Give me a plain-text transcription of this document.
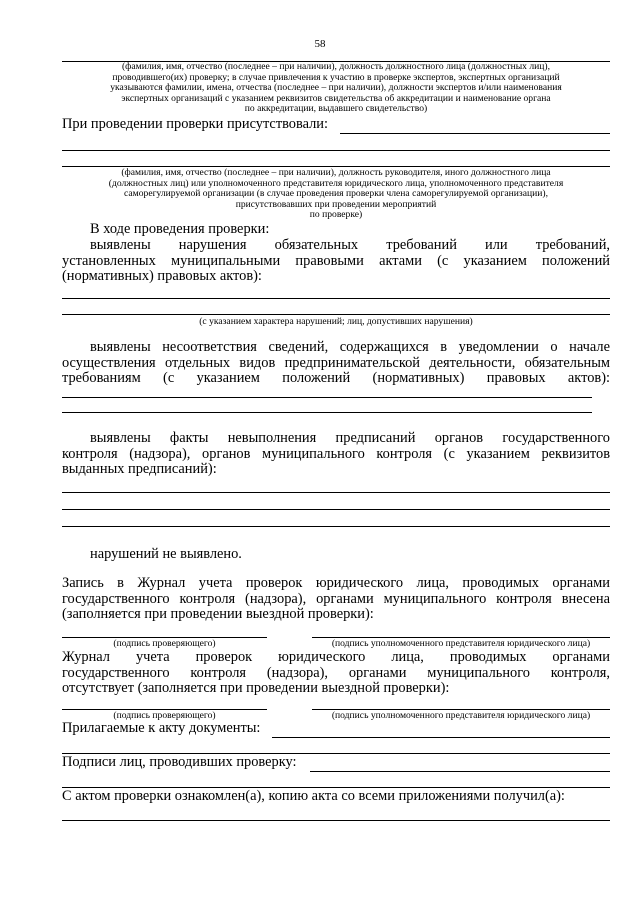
58
(фамилия, имя, отчество (последнее – при наличии), должность должностного лица (должностных лиц),
проводившего(их) проверку; в случае привлечения к участию в проверке экспертов, экспертных организаций
указываются фамилии, имена, отчества (последнее – при наличии), должности экспертов и/или наименования
экспертных организаций с указанием реквизитов свидетельства об аккредитации и наименование органа
по аккредитации, выдавшего свидетельство)

При проведении проверки присутствовали:

(фамилия, имя, отчество (последнее – при наличии), должность руководителя, иного должностного лица
(должностных лиц) или уполномоченного представителя юридического лица, уполномоченного представителя
саморегулируемой организации (в случае проведения проверки члена саморегулируемой организации),
присутствовавших при проведении мероприятий
по проверке)

В ходе проведения проверки:

выявлены нарушения обязательных требований или требований,
установленных муниципальными правовыми актами (с указанием положений
(нормативных) правовых актов):
(с указанием характера нарушений; лиц, допустивших нарушения)
выявлены несоответствия сведений, содержащихся в уведомлении о начале
осуществления отдельных видов предпринимательской деятельности, обязательным
требованиям (с указанием положений (нормативных) правовых актов):
выявлены факты невыполнения предписаний органов государственного
контроля (надзора), органов муниципального контроля (с указанием реквизитов
выданных предписаний):

нарушений не выявлено.

Запись в Журнал учета проверок юридического лица, проводимых органами
государственного контроля (надзора), органами муниципального контроля внесена
(заполняется при проведении выездной проверки):
(подпись проверяющего)	(подпись уполномоченного представителя юридического лица)
Журнал учета проверок юридического лица, проводимых органами
государственного контроля (надзора), органами муниципального контроля,
отсутствует (заполняется при проведении выездной проверки):
(подпись проверяющего)	(подпись уполномоченного представителя юридического лица)

Прилагаемые к акту документы:

Подписи лиц, проводивших проверку:

С актом проверки ознакомлен(а), копию акта со всеми приложениями получил(а):
